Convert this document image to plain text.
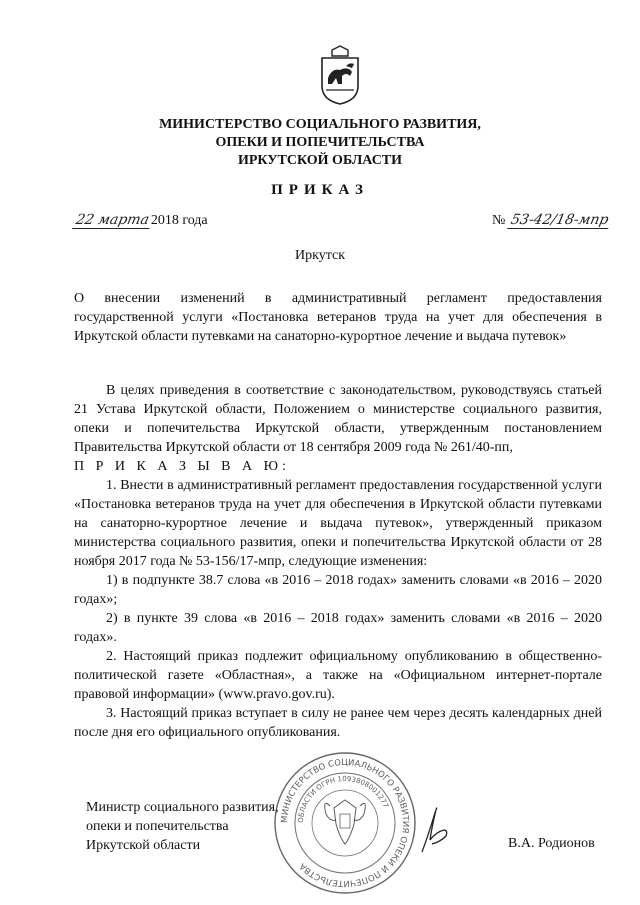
МИНИСТЕРСТВО СОЦИАЛЬНОГО РАЗВИТИЯ,
ОПЕКИ И ПОПЕЧИТЕЛЬСТВА
ИРКУТСКОЙ ОБЛАСТИ
ПРИКАЗ
22 марта2018 года	№ 53-42/18-мпр
Иркутск

О внесении изменений в административный регламент предоставления государственной услуги «Постановка ветеранов труда на учет для обеспечения в Иркутской области путевками на санаторно-курортное лечение и выдача путевок»

В целях приведения в соответствие с законодательством, руководствуясь статьей 21 Устава Иркутской области, Положением о министерстве социального развития, опеки и попечительства Иркутской области, утвержденным постановлением Правительства Иркутской области от 18 сентября 2009 года № 261/40-пп,

П Р И К А З Ы В А Ю:

1. Внести в административный регламент предоставления государственной услуги «Постановка ветеранов труда на учет для обеспечения в Иркутской области путевками на санаторно-курортное лечение и выдача путевок», утвержденный приказом министерства социального развития, опеки и попечительства Иркутской области от 28 ноября 2017 года № 53-156/17-мпр, следующие изменения:

1) в подпункте 38.7 слова «в 2016 – 2018 годах» заменить словами «в 2016 – 2020 годах»;

2) в пункте 39 слова «в 2016 – 2018 годах» заменить словами «в 2016 – 2020 годах».

2. Настоящий приказ подлежит официальному опубликованию в общественно-политической газете «Областная», а также на «Официальном интернет-портале правовой информации» (www.pravo.gov.ru).

3. Настоящий приказ вступает в силу не ранее чем через десять календарных дней после дня его официального опубликования.

Министр социального развития,
опеки и попечительства
Иркутской области
МИНИСТЕРСТВО СОЦИАЛЬНОГО РАЗВИТИЯ ОПЕКИ И ПОПЕЧИТЕЛЬСТВА
ОБЛАСТИ ОГРН 1093808001277
В.А. Родионов
